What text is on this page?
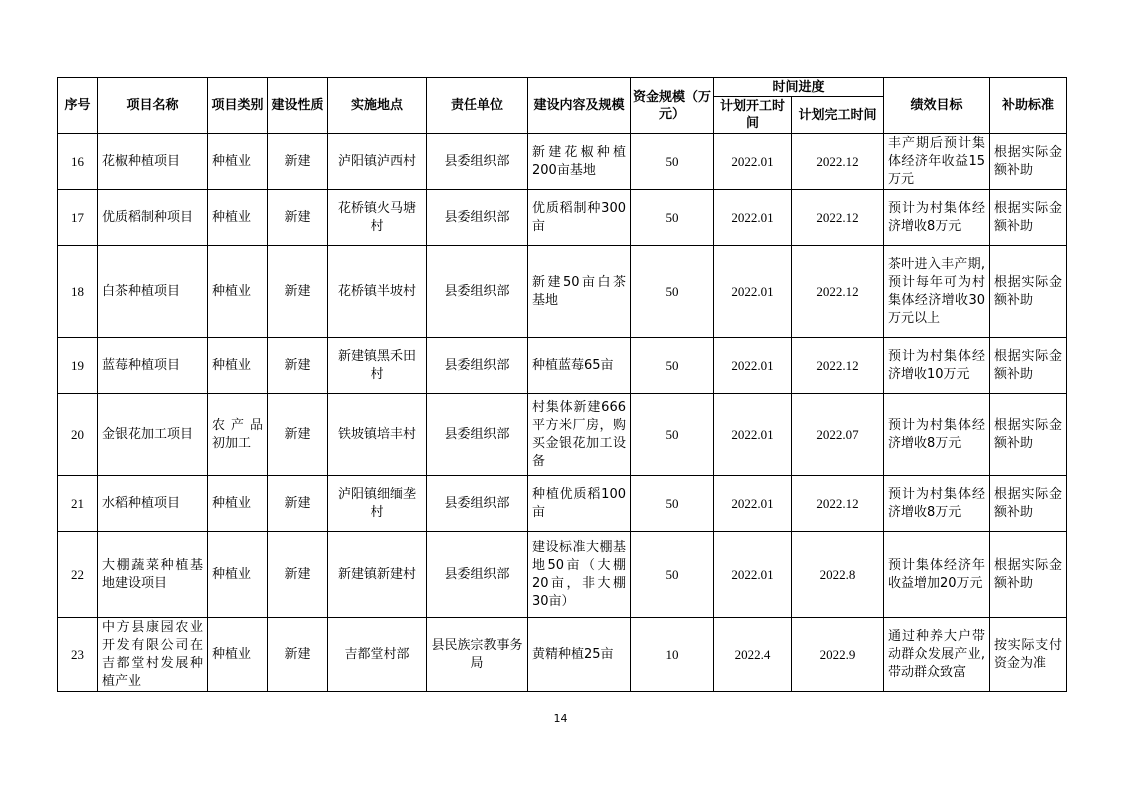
序号	项目名称	项目类别	建设性质	实施地点	责任单位	建设内容及规模	资金规模（万元）	时间进度		绩效目标	补助标准
								计划开工时间	计划完工时间		
16	花椒种植项目	种植业	新建	泸阳镇泸西村	县委组织部	新建花椒种植200亩基地	50	2022.01	2022.12	丰产期后预计集体经济年收益15万元	根据实际金额补助
17	优质稻制种项目	种植业	新建	花桥镇火马塘村	县委组织部	优质稻制种300亩	50	2022.01	2022.12	预计为村集体经济增收8万元	根据实际金额补助
18	白茶种植项目	种植业	新建	花桥镇半坡村	县委组织部	新建50亩白茶基地	50	2022.01	2022.12	茶叶进入丰产期,预计每年可为村集体经济增收30万元以上	根据实际金额补助
19	蓝莓种植项目	种植业	新建	新建镇黑禾田村	县委组织部	种植蓝莓65亩	50	2022.01	2022.12	预计为村集体经济增收10万元	根据实际金额补助
20	金银花加工项目	农产品初加工	新建	铁坡镇培丰村	县委组织部	村集体新建666平方米厂房，购买金银花加工设备	50	2022.01	2022.07	预计为村集体经济增收8万元	根据实际金额补助
21	水稻种植项目	种植业	新建	泸阳镇细缅垄村	县委组织部	种植优质稻100亩	50	2022.01	2022.12	预计为村集体经济增收8万元	根据实际金额补助
22	大棚蔬菜种植基地建设项目	种植业	新建	新建镇新建村	县委组织部	建设标准大棚基地50亩（大棚20亩，非大棚30亩）	50	2022.01	2022.8	预计集体经济年收益增加20万元	根据实际金额补助
23	中方县康园农业开发有限公司在吉都堂村发展种植产业	种植业	新建	吉都堂村部	县民族宗教事务局	黄精种植25亩	10	2022.4	2022.9	通过种养大户带动群众发展产业,带动群众致富	按实际支付资金为准
14
